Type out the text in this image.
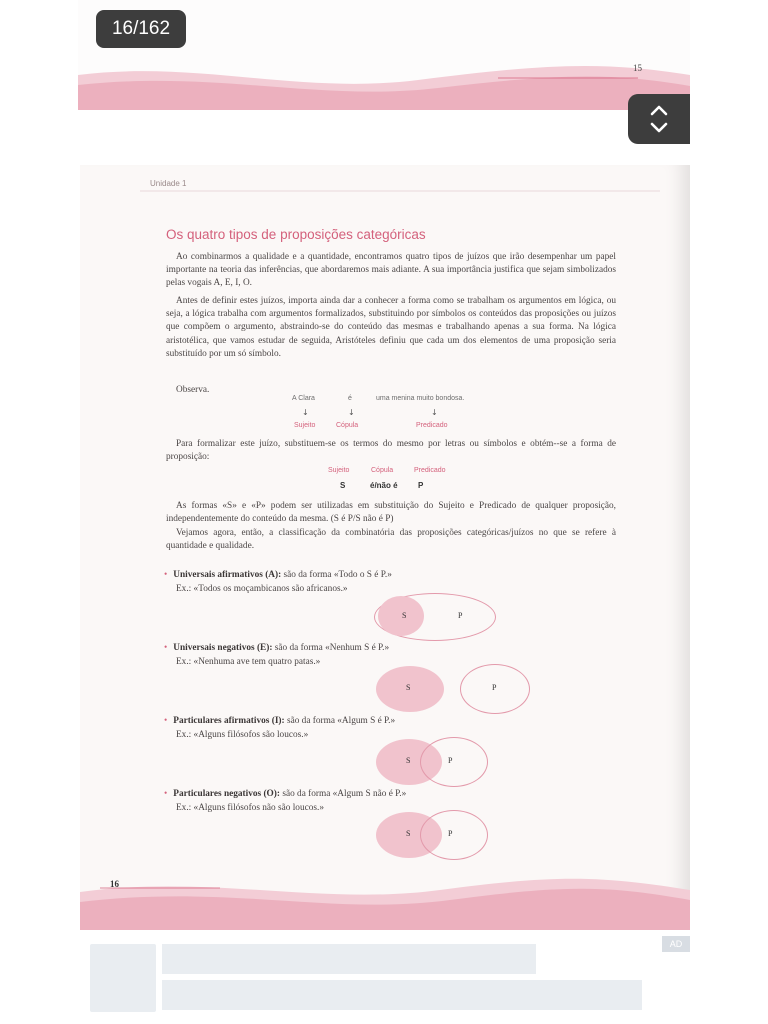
15
16/162
Unidade 1
Os quatro tipos de proposições categóricas

Ao combinarmos a qualidade e a quantidade, encontramos quatro tipos de juízos que irão desempenhar um papel importante na teoria das inferências, que abordaremos mais adiante. A sua importância justifica que sejam simbolizados pelas vogais A, E, I, O.

Antes de definir estes juízos, importa ainda dar a conhecer a forma como se trabalham os argumentos em lógica, ou seja, a lógica trabalha com argumentos formalizados, substituindo por símbolos os conteúdos das proposições ou juízos que compõem o argumento, abstraindo-se do conteúdo das mesmas e trabalhando apenas a sua forma. Na lógica aristotélica, que vamos estudar de seguida, Aristóteles definiu que cada um dos elementos de uma proposição seria substituído por um só símbolo.

Observa.

A Clara	é	uma menina muito bondosa.
↓	↓	↓
Sujeito	Cópula	Predicado

Para formalizar este juízo, substituem-se os termos do mesmo por letras ou símbolos e obtém--se a forma de proposição:

Sujeito	Cópula	Predicado
S	é/não é	P

As formas «S» e «P» podem ser utilizadas em substituição do Sujeito e Predicado de qualquer proposição, independentemente do conteúdo da mesma. (S é P/S não é P)

Vejamos agora, então, a classificação da combinatória das proposições categóricas/juízos no que se refere à quantidade e qualidade.

• Universais afirmativos (A): são da forma «Todo o S é P.»
Ex.: «Todos os moçambicanos são africanos.»
S	P
• Universais negativos (E): são da forma «Nenhum S é P.»
Ex.: «Nenhuma ave tem quatro patas.»
S	P
• Particulares afirmativos (I): são da forma «Algum S é P.»
Ex.: «Alguns filósofos são loucos.»
S	P
• Particulares negativos (O): são da forma «Algum S não é P.»
Ex.: «Alguns filósofos não são loucos.»
S	P
16
AD
